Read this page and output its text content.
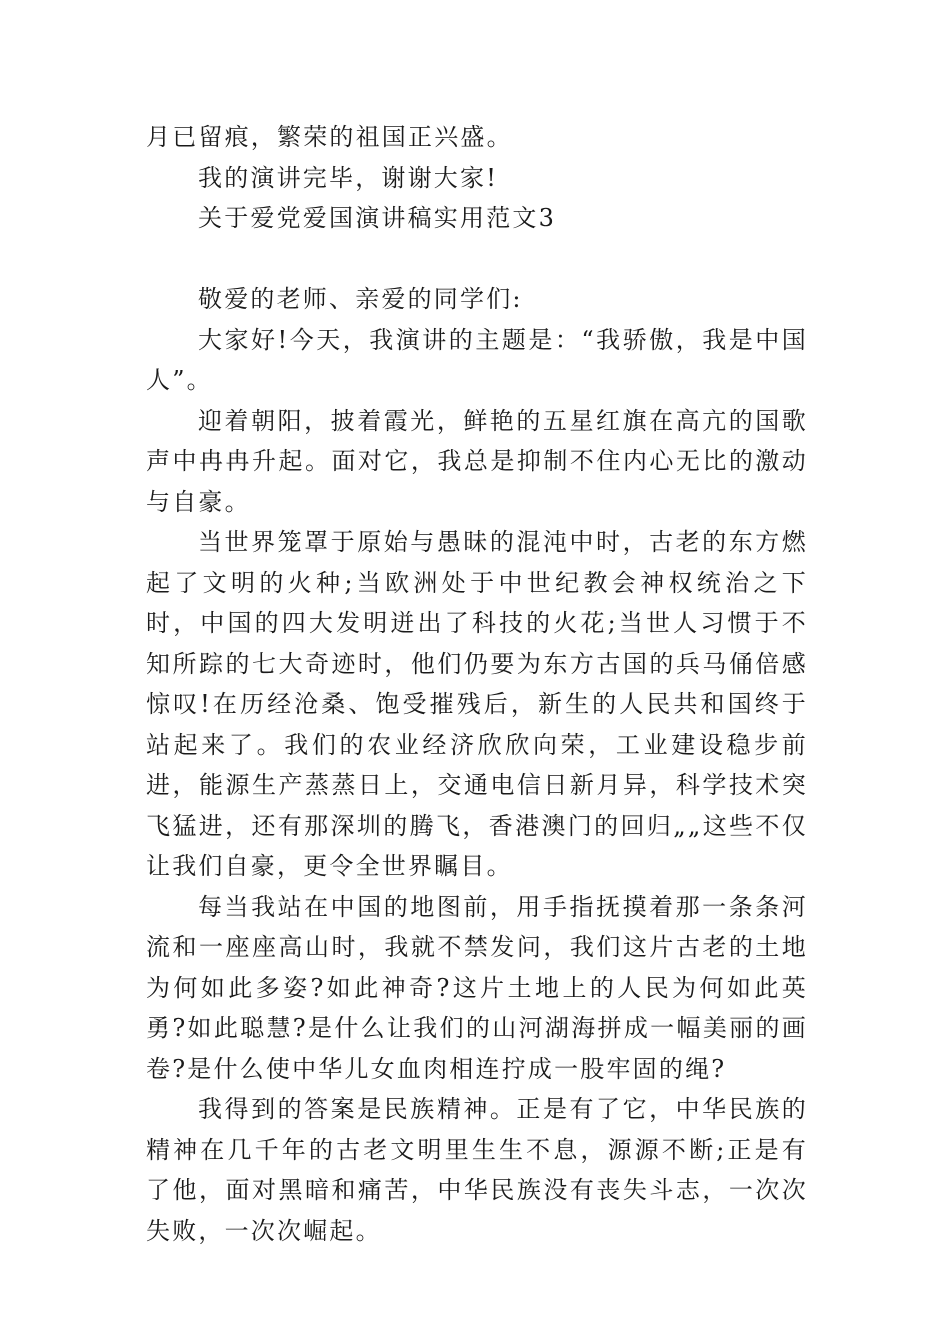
月已留痕，繁荣的祖国正兴盛。

我的演讲完毕，谢谢大家!

关于爱党爱国演讲稿实用范文3

敬爱的老师、亲爱的同学们:

大家好!今天，我演讲的主题是：“我骄傲，我是中国人”。

迎着朝阳，披着霞光，鲜艳的五星红旗在高亢的国歌声中冉冉升起。面对它，我总是抑制不住内心无比的激动与自豪。

当世界笼罩于原始与愚昧的混沌中时，古老的东方燃起了文明的火种;当欧洲处于中世纪教会神权统治之下时，中国的四大发明迸出了科技的火花;当世人习惯于不知所踪的七大奇迹时，他们仍要为东方古国的兵马俑倍感惊叹!在历经沧桑、饱受摧残后，新生的人民共和国终于站起来了。我们的农业经济欣欣向荣，工业建设稳步前进，能源生产蒸蒸日上，交通电信日新月异，科学技术突飞猛进，还有那深圳的腾飞，香港澳门的回归„„这些不仅让我们自豪，更令全世界瞩目。

每当我站在中国的地图前，用手指抚摸着那一条条河流和一座座高山时，我就不禁发问，我们这片古老的土地为何如此多姿?如此神奇?这片土地上的人民为何如此英勇?如此聪慧?是什么让我们的山河湖海拼成一幅美丽的画卷?是什么使中华儿女血肉相连拧成一股牢固的绳?

我得到的答案是民族精神。正是有了它，中华民族的精神在几千年的古老文明里生生不息，源源不断;正是有了他，面对黑暗和痛苦，中华民族没有丧失斗志，一次次失败，一次次崛起。
